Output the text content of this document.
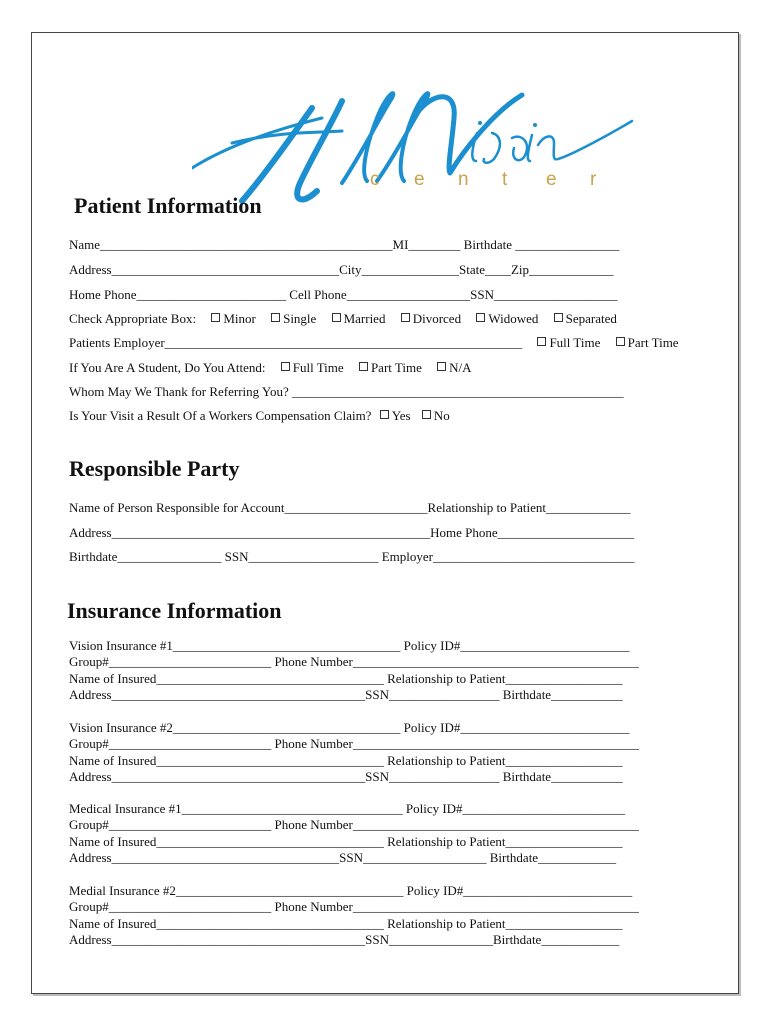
c e n t e r
Patient Information
Name_____________________________________________MI________ Birthdate ________________
Address___________________________________City_______________State____Zip_____________
Home Phone_______________________ Cell Phone___________________SSN___________________
Check Appropriate Box: Minor Single Married Divorced Widowed Separated
Patients Employer_______________________________________________________ Full Time Part Time
If You Are A Student, Do You Attend: Full Time Part Time N/A
Whom May We Thank for Referring You? ___________________________________________________
Is Your Visit a Result Of a Workers Compensation Claim? Yes No
Responsible Party
Name of Person Responsible for Account______________________Relationship to Patient_____________
Address_________________________________________________Home Phone_____________________
Birthdate________________ SSN____________________ Employer_______________________________
Insurance Information
Vision Insurance #1___________________________________ Policy ID#__________________________
Group#_________________________ Phone Number____________________________________________
Name of Insured___________________________________ Relationship to Patient__________________
Address_______________________________________SSN_________________ Birthdate___________
Vision Insurance #2___________________________________ Policy ID#__________________________
Group#_________________________ Phone Number____________________________________________
Name of Insured___________________________________ Relationship to Patient__________________
Address_______________________________________SSN_________________ Birthdate___________
Medical Insurance #1__________________________________ Policy ID#_________________________
Group#_________________________ Phone Number____________________________________________
Name of Insured___________________________________ Relationship to Patient__________________
Address___________________________________SSN___________________ Birthdate____________
Medial Insurance #2___________________________________ Policy ID#__________________________
Group#_________________________ Phone Number____________________________________________
Name of Insured___________________________________ Relationship to Patient__________________
Address_______________________________________SSN________________Birthdate____________
